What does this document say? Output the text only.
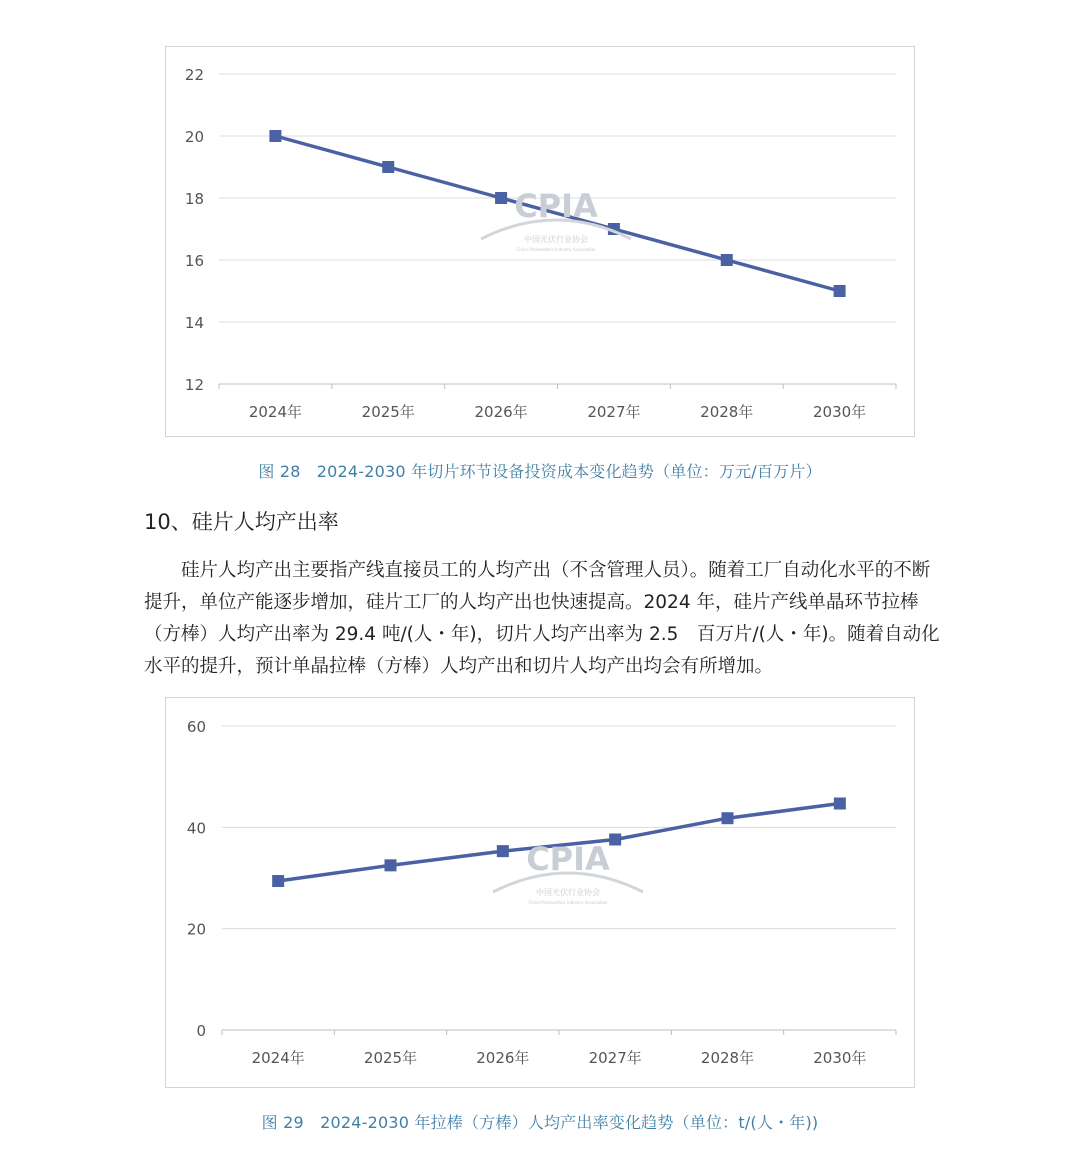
22
20
18
16
14
12
2024年	2025年	2026年	2027年	2028年	2030年
CPIA
中国光伏行业协会
China Photovoltaic Industry Association
图 28　2024-2030 年切片环节设备投资成本变化趋势（单位：万元/百万片）
10、硅片人均产出率
硅片人均产出主要指产线直接员工的人均产出（不含管理人员）。随着工厂自动化水平的不断提升，单位产能逐步增加，硅片工厂的人均产出也快速提高。2024 年，硅片产线单晶环节拉棒（方棒）人均产出率为 29.4 吨/(人・年)，切片人均产出率为 2.5　百万片/(人・年)。随着自动化水平的提升，预计单晶拉棒（方棒）人均产出和切片人均产出均会有所增加。
60
40
20
0
2024年	2025年	2026年	2027年	2028年	2030年
CPIA
中国光伏行业协会
China Photovoltaic Industry Association
图 29　2024-2030 年拉棒（方棒）人均产出率变化趋势（单位：t/(人・年))
